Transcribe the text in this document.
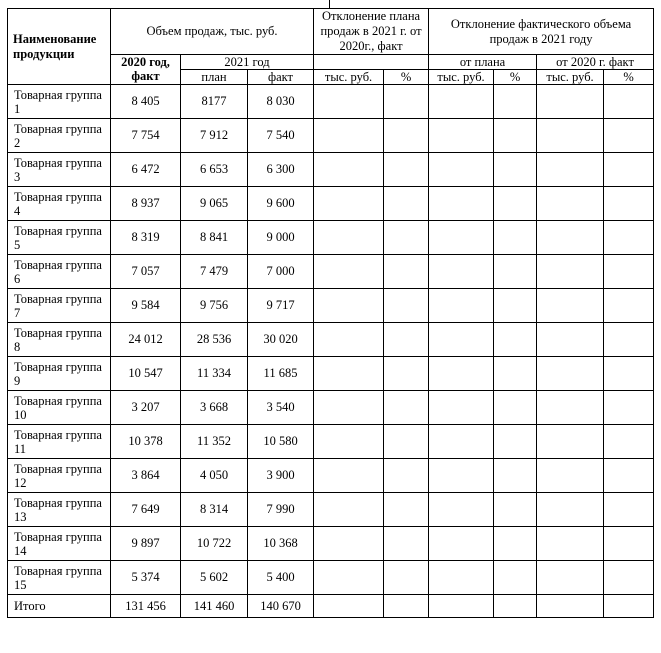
Наименование продукции	Объем продаж, тыс. руб.			Отклонение плана продаж в 2021 г. от 2020г., факт		Отклонение фактического объема продаж в 2021 году			
	2020 год,	2021 год				от плана		от 2020 г. факт	
	факт	план	факт	тыс. руб.	%	тыс. руб.	%	тыс. руб.	%
Товарная группа 1	8 405	8177	8 030						
Товарная группа 2	7 754	7 912	7 540						
Товарная группа 3	6 472	6 653	6 300						
Товарная группа 4	8 937	9 065	9 600						
Товарная группа 5	8 319	8 841	9 000						
Товарная группа 6	7 057	7 479	7 000						
Товарная группа 7	9 584	9 756	9 717						
Товарная группа 8	24 012	28 536	30 020						
Товарная группа 9	10 547	11 334	11 685						
Товарная группа 10	3 207	3 668	3 540						
Товарная группа 11	10 378	11 352	10 580						
Товарная группа 12	3 864	4 050	3 900						
Товарная группа 13	7 649	8 314	7 990						
Товарная группа 14	9 897	10 722	10 368						
Товарная группа 15	5 374	5 602	5 400						
Итого	131 456	141 460	140 670						
